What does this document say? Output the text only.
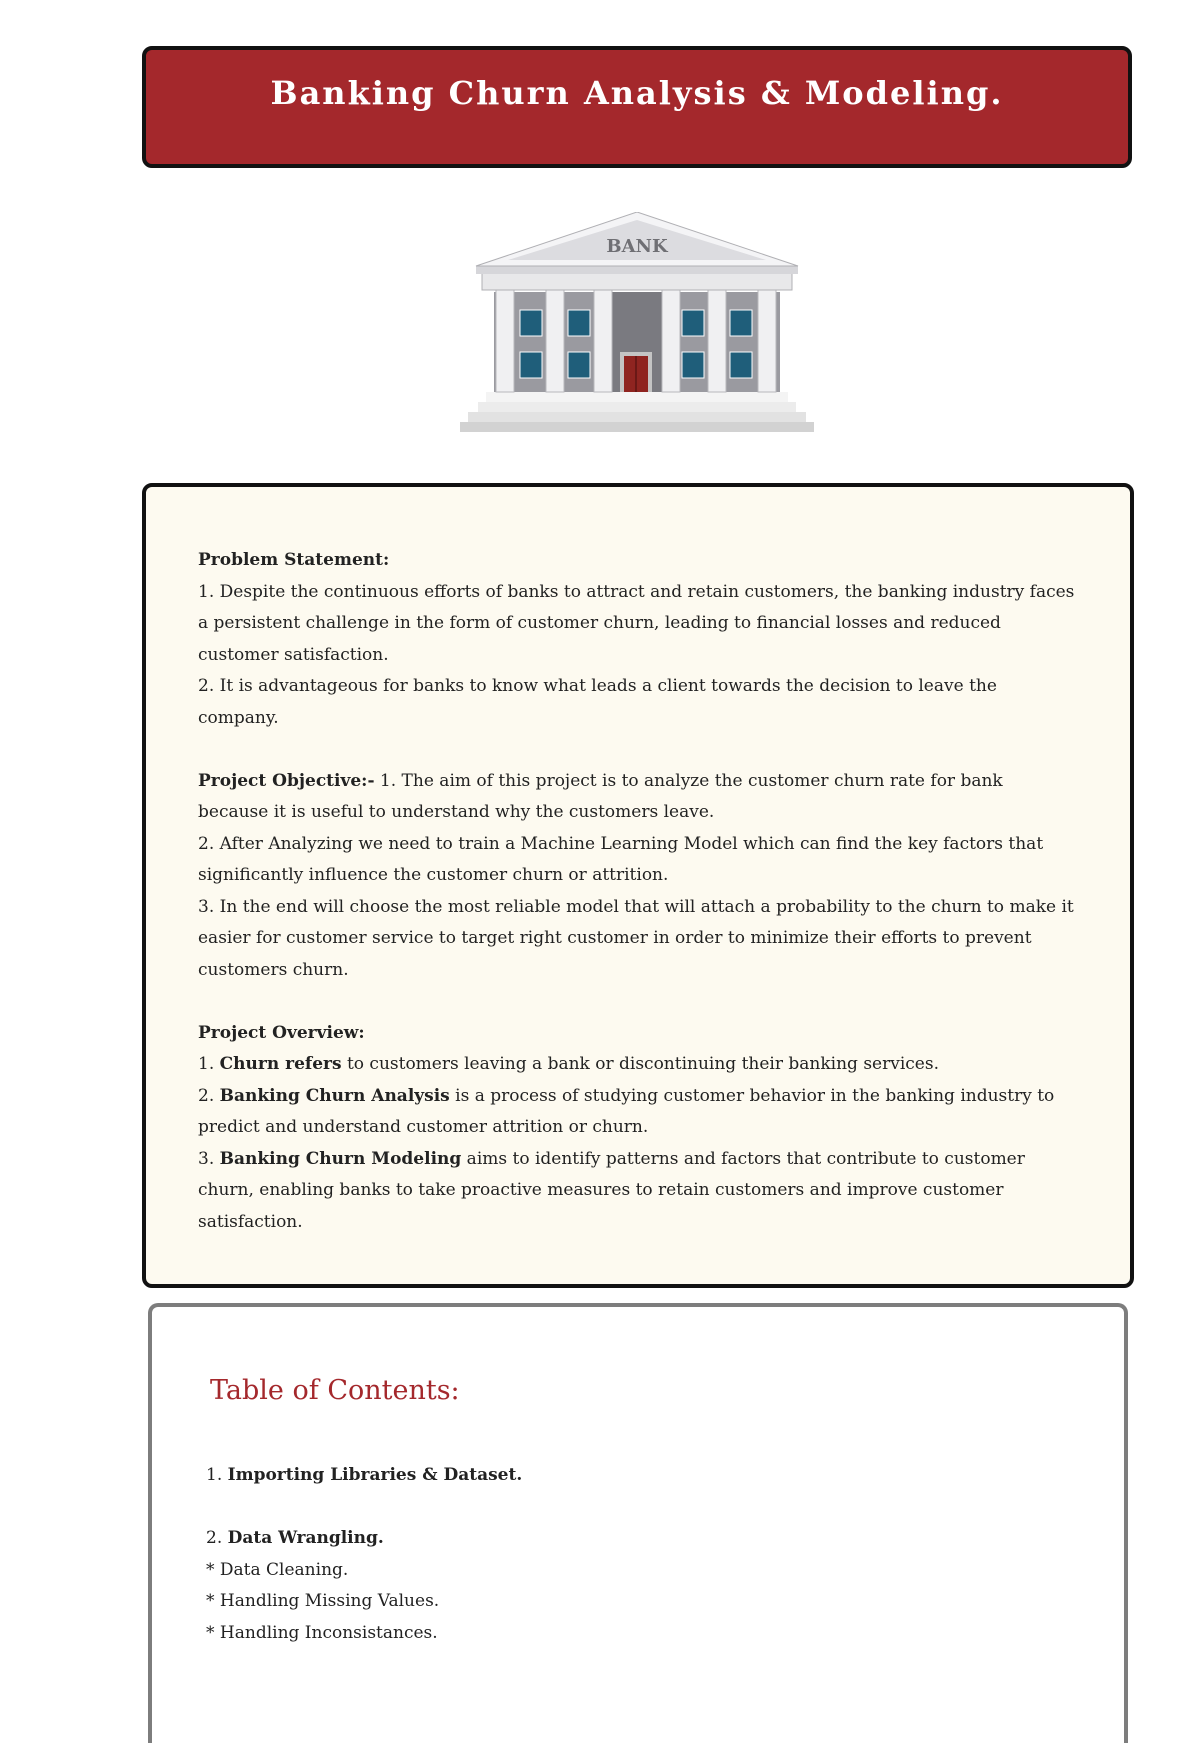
Banking Churn Analysis & Modeling.
BANK
Problem Statement:

1. Despite the continuous efforts of banks to attract and retain customers, the banking industry faces a persistent challenge in the form of customer churn, leading to financial losses and reduced customer satisfaction.

2. It is advantageous for banks to know what leads a client towards the decision to leave the company.

Project Objective:- 1. The aim of this project is to analyze the customer churn rate for bank because it is useful to understand why the customers leave.

2. After Analyzing we need to train a Machine Learning Model which can find the key factors that significantly influence the customer churn or attrition.

3. In the end will choose the most reliable model that will attach a probability to the churn to make it easier for customer service to target right customer in order to minimize their efforts to prevent customers churn.

Project Overview:

1. Churn refers to customers leaving a bank or discontinuing their banking services.

2. Banking Churn Analysis is a process of studying customer behavior in the banking industry to predict and understand customer attrition or churn.

3. Banking Churn Modeling aims to identify patterns and factors that contribute to customer churn, enabling banks to take proactive measures to retain customers and improve customer satisfaction.

Table of Contents:

1. Importing Libraries & Dataset.

2. Data Wrangling.

* Data Cleaning.

* Handling Missing Values.

* Handling Inconsistances.
